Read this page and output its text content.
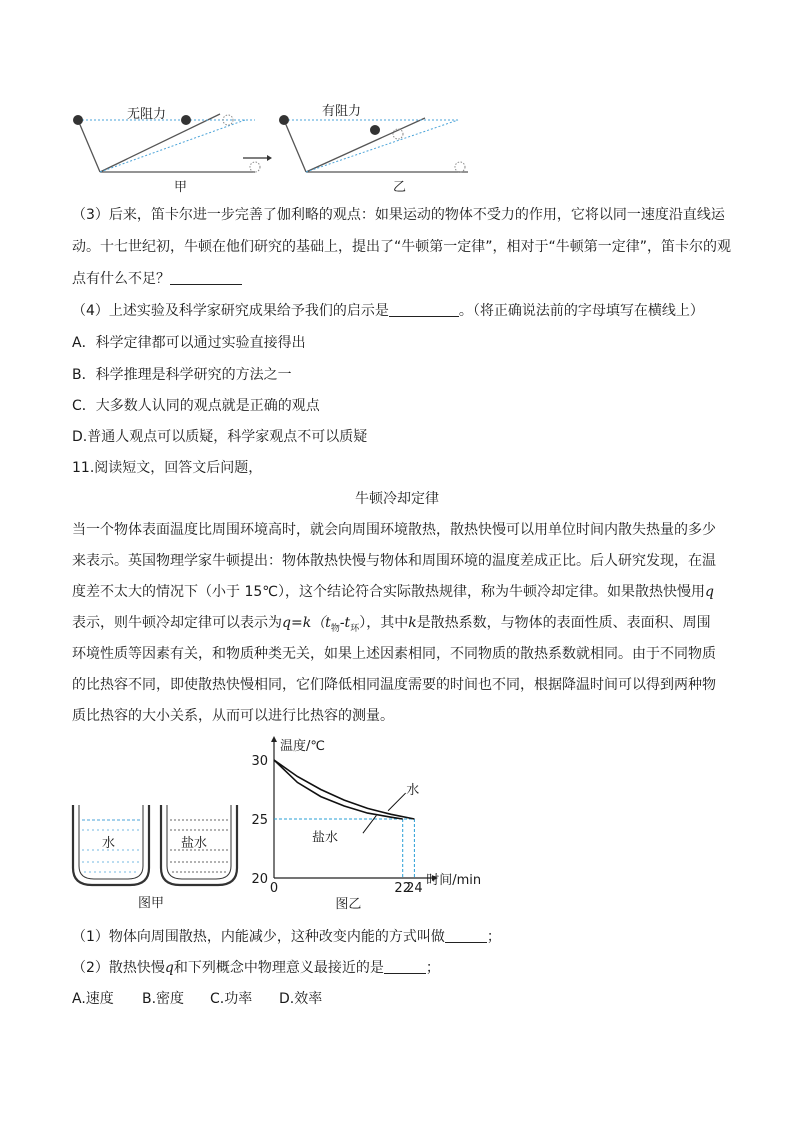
无阻力
甲
有阻力
乙
（3）后来，笛卡尔进一步完善了伽利略的观点：如果运动的物体不受力的作用，它将以同一速度沿直线运
动。十七世纪初，牛顿在他们研究的基础上，提出了“牛顿第一定律”，相对于“牛顿第一定律”，笛卡尔的观
点有什么不足？
（4）上述实验及科学家研究成果给予我们的启示是	。（将正确说法前的字母填写在横线上）
A．科学定律都可以通过实验直接得出
B．科学推理是科学研究的方法之一
C．大多数人认同的观点就是正确的观点
D.普通人观点可以质疑，科学家观点不可以质疑
11.阅读短文，回答文后问题，
牛顿冷却定律
当一个物体表面温度比周围环境高时，就会向周围环境散热，散热快慢可以用单位时间内散失热量的多少
来表示。英国物理学家牛顿提出：物体散热快慢与物体和周围环境的温度差成正比。后人研究发现，在温
度差不太大的情况下（小于 15℃），这个结论符合实际散热规律，称为牛顿冷却定律。如果散热快慢用q
表示，则牛顿冷却定律可以表示为$q=k(t_物-t_环)$，其中k是散热系数，与物体的表面性质、表面积、周围
环境性质等因素有关，和物质种类无关，如果上述因素相同，不同物质的散热系数就相同。由于不同物质
的比热容不同，即使散热快慢相同，它们降低相同温度需要的时间也不同，根据降温时间可以得到两种物
质比热容的大小关系，从而可以进行比热容的测量。
水	盐水
图甲
温度/℃
时间/min
20
25
30
0	22
24
水
盐水
图乙
（1）物体向周围散热，内能减少，这种改变内能的方式叫做	；
（2）散热快慢q和下列概念中物理意义最接近的是	；
A.速度 B.密度 C.功率 D.效率
